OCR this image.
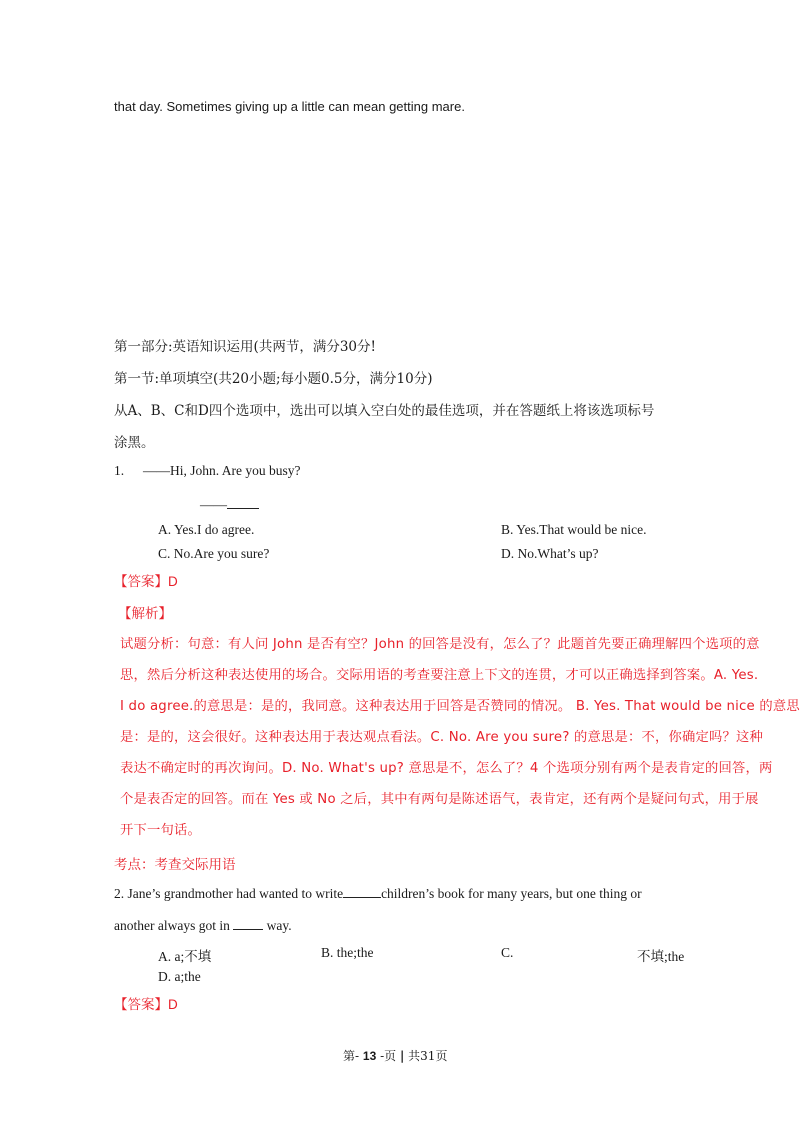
that day. Sometimes giving up a little can mean getting mare.
第一部分:英语知识运用(共两节，满分30分!
第一节:单项填空(共20小题;每小题0.5分，满分10分)
从A、B、C和D四个选项中，选出可以填入空白处的最佳选项，并在答题纸上将该选项标号
涂黑。
1. ——Hi, John. Are you busy?
——
A. Yes.I do agree.	B. Yes.That would be nice.
C. No.Are you sure?	D. No.What’s up?
【答案】D
【解析】
试题分析：句意：有人问 John 是否有空？John 的回答是没有，怎么了？此题首先要正确理解四个选项的意
思，然后分析这种表达使用的场合。交际用语的考查要注意上下文的连贯，才可以正确选择到答案。A. Yes.
I do agree.的意思是：是的，我同意。这种表达用于回答是否赞同的情况。 B. Yes. That would be nice 的意思
是：是的，这会很好。这种表达用于表达观点看法。C. No. Are you sure? 的意思是：不，你确定吗？这种
表达不确定时的再次询问。D. No. What's up? 意思是不，怎么了？4 个选项分别有两个是表肯定的回答，两
个是表否定的回答。而在 Yes 或 No 之后，其中有两句是陈述语气，表肯定，还有两个是疑问句式，用于展
开下一句话。
考点：考查交际用语
2. Jane’s grandmother had wanted to write	children’s book for many years, but one thing or
another always got in	way.
A. a;不填	B. the;the	C.	不填;the
D. a;the
【答案】D
第- 13 -页 | 共31页
